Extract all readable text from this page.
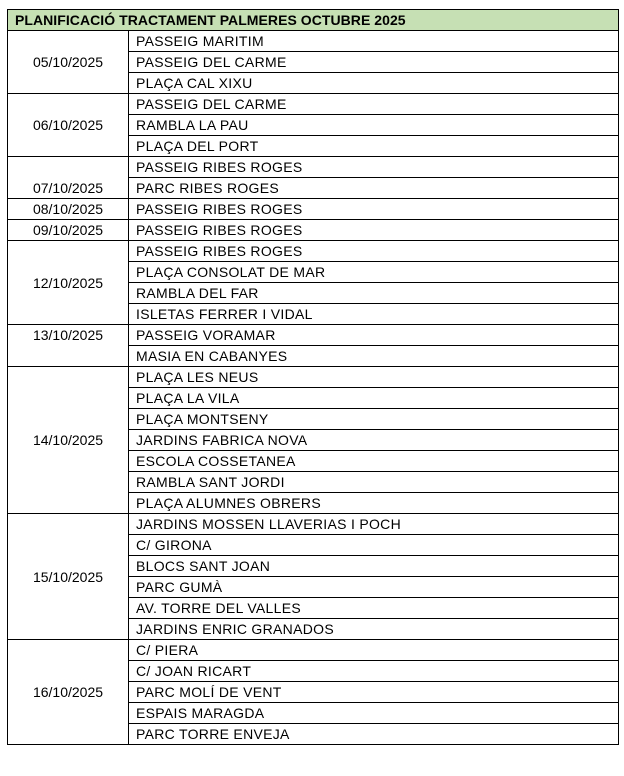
PLANIFICACIÓ TRACTAMENT PALMERES OCTUBRE 2025	
05/10/2025	PASSEIG MARITIM
	PASSEIG DEL CARME
	PLAÇA CAL XIXU
06/10/2025	PASSEIG DEL CARME
	RAMBLA LA PAU
	PLAÇA DEL PORT
07/10/2025	PASSEIG RIBES ROGES
	PARC RIBES ROGES
08/10/2025	PASSEIG RIBES ROGES
09/10/2025	PASSEIG RIBES ROGES
12/10/2025	PASSEIG RIBES ROGES
	PLAÇA CONSOLAT DE MAR
	RAMBLA DEL FAR
	ISLETAS FERRER I VIDAL
13/10/2025	PASSEIG VORAMAR
	MASIA EN CABANYES
14/10/2025	PLAÇA LES NEUS
	PLAÇA LA VILA
	PLAÇA MONTSENY
	JARDINS FABRICA NOVA
	ESCOLA COSSETANEA
	RAMBLA SANT JORDI
	PLAÇA ALUMNES OBRERS
15/10/2025	JARDINS MOSSEN LLAVERIAS I POCH
	C/ GIRONA
	BLOCS SANT JOAN
	PARC GUMÀ
	AV. TORRE DEL VALLES
	JARDINS ENRIC GRANADOS
16/10/2025	C/ PIERA
	C/ JOAN RICART
	PARC MOLÍ DE VENT
	ESPAIS MARAGDA
	PARC TORRE ENVEJA
